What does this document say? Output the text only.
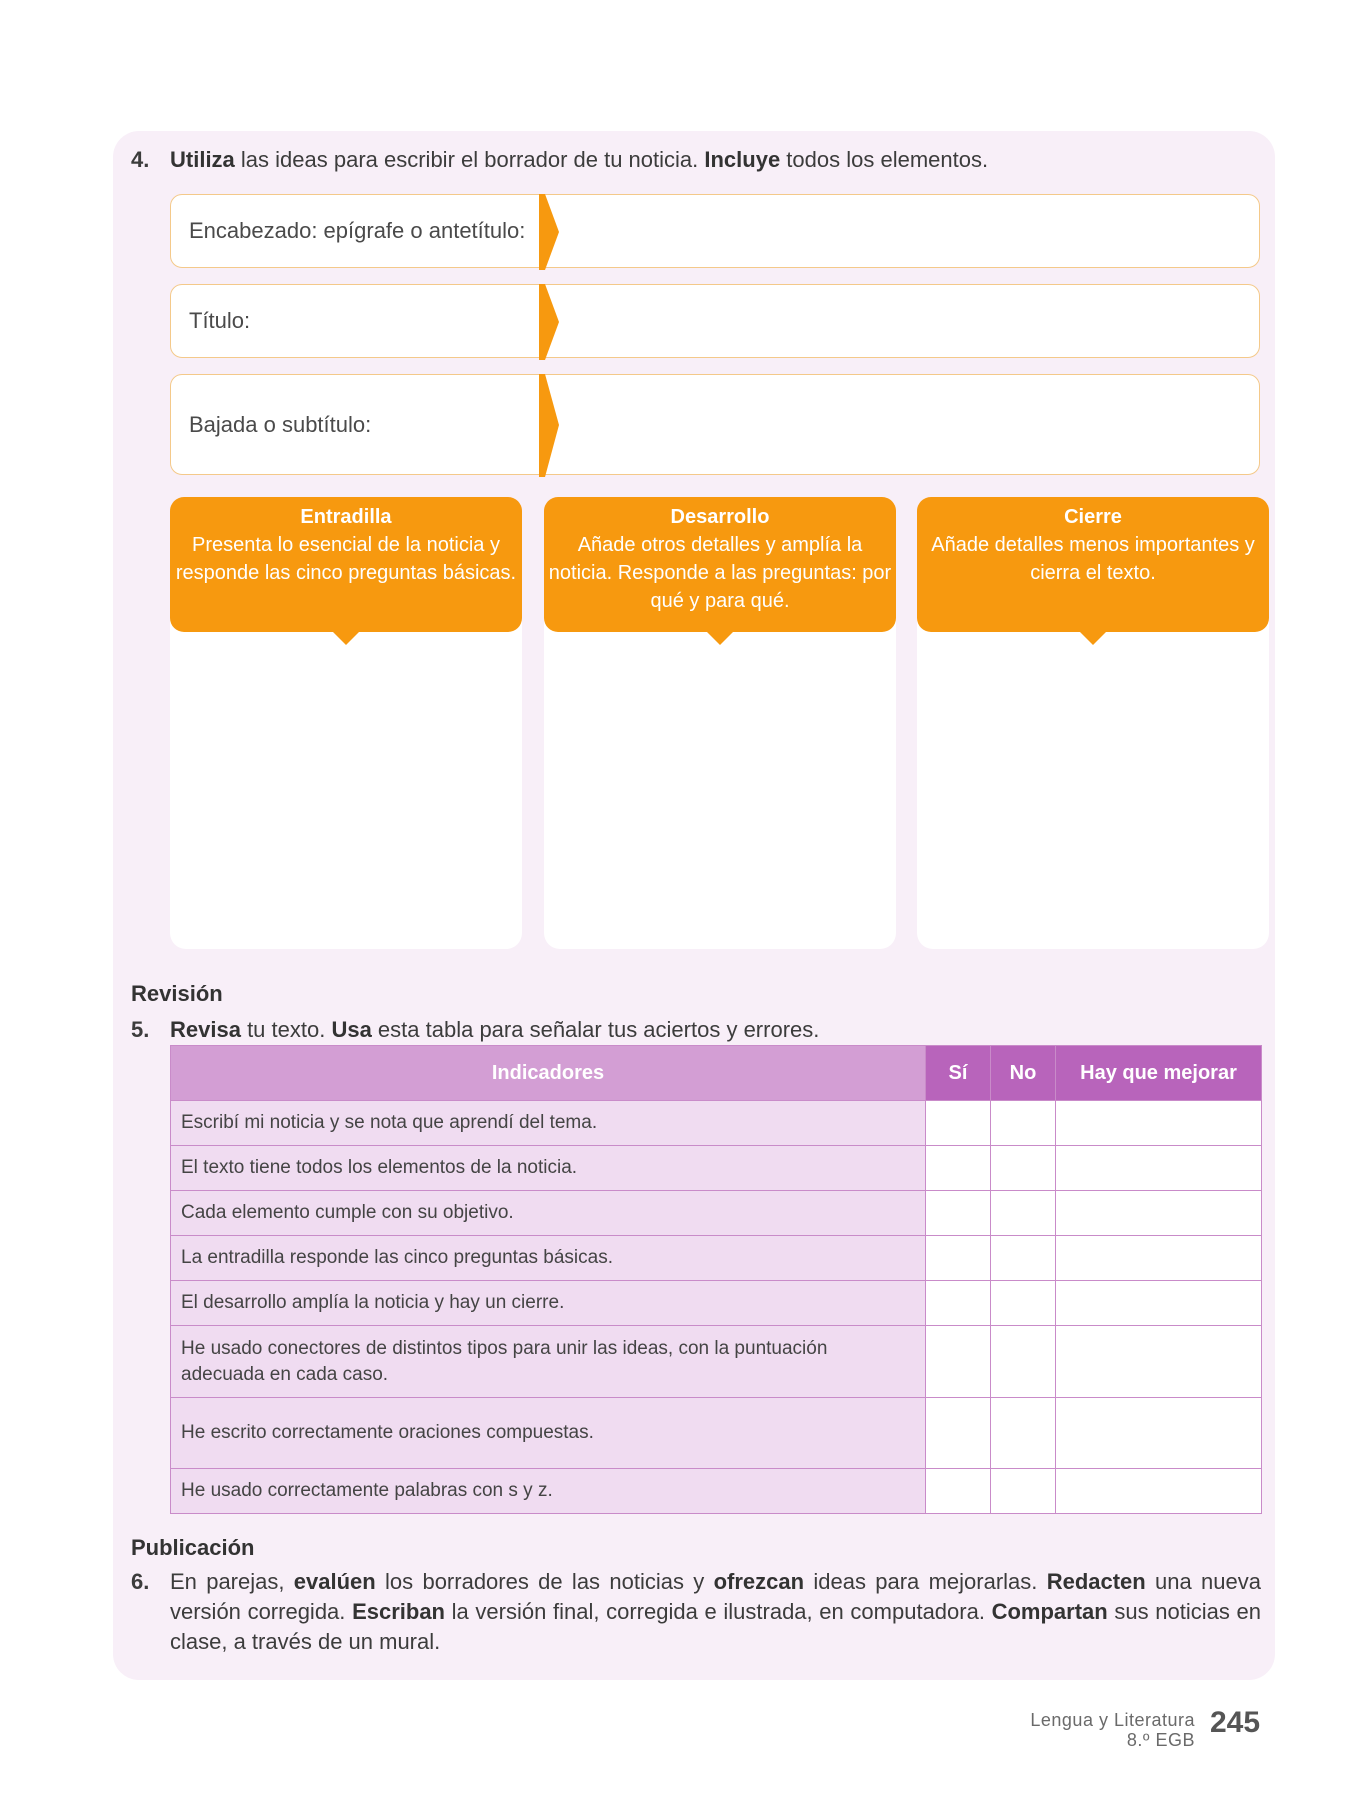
4. Utiliza las ideas para escribir el borrador de tu noticia. Incluye todos los elementos.
Encabezado: epígrafe o antetítulo:
Título:
Bajada o subtítulo:
Entradilla
Presenta lo esencial de la noticia y responde las cinco preguntas básicas.
Desarrollo
Añade otros detalles y amplía la noticia. Responde a las preguntas: por qué y para qué.
Cierre
Añade detalles menos importantes y cierra el texto.
Revisión
5. Revisa tu texto. Usa esta tabla para señalar tus aciertos y errores.
Indicadores	Sí	No	Hay que mejorar
Escribí mi noticia y se nota que aprendí del tema.			
El texto tiene todos los elementos de la noticia.			
Cada elemento cumple con su objetivo.			
La entradilla responde las cinco preguntas básicas.			
El desarrollo amplía la noticia y hay un cierre.			
He usado conectores de distintos tipos para unir las ideas, con la puntuación adecuada en cada caso.			
He escrito correctamente oraciones compuestas.			
He usado correctamente palabras con s y z.			
Publicación
6. En parejas, evalúen los borradores de las noticias y ofrezcan ideas para mejorarlas. Redacten una nueva versión corregida. Escriban la versión final, corregida e ilustrada, en computadora. Compartan sus noticias en clase, a través de un mural.
Lengua y Literatura
8.º EGB
245
